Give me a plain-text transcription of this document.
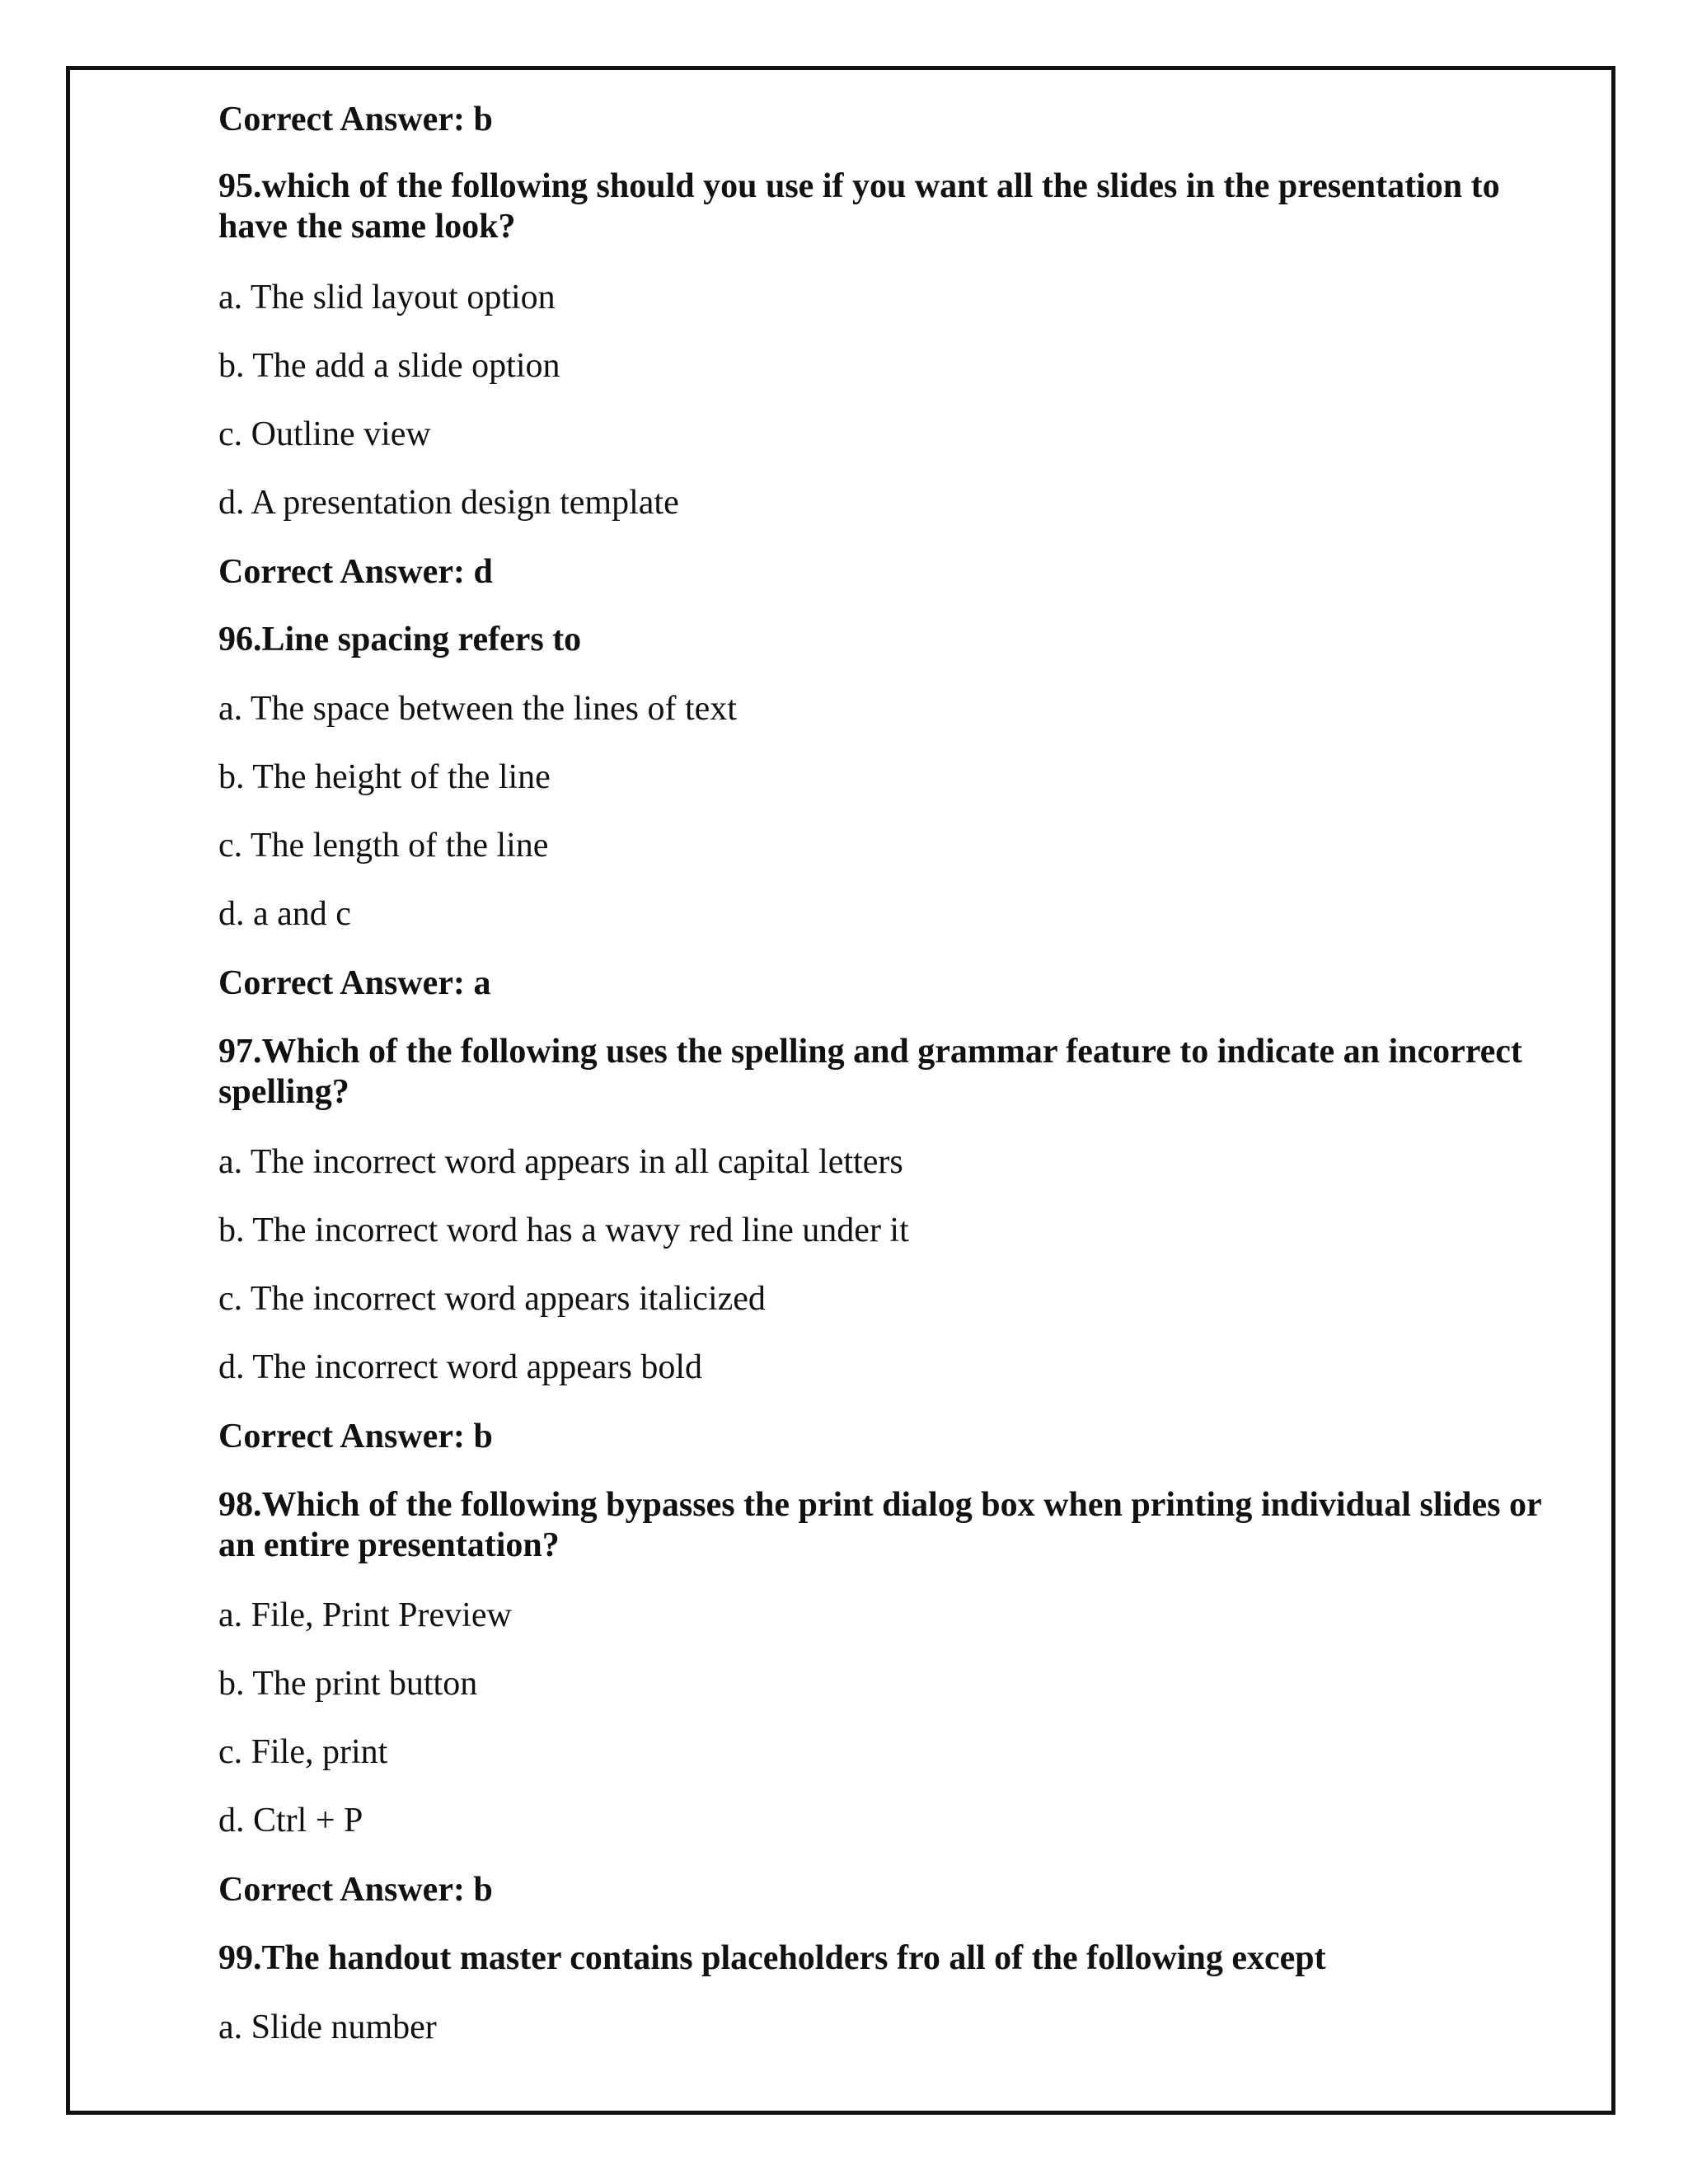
Correct Answer: b
95.which of the following should you use if you want all the slides in the presentation to have the same look?
a. The slid layout option
b. The add a slide option
c. Outline view
d. A presentation design template
Correct Answer: d
96.Line spacing refers to
a. The space between the lines of text
b. The height of the line
c. The length of the line
d. a and c
Correct Answer: a
97.Which of the following uses the spelling and grammar feature to indicate an incorrect spelling?
a. The incorrect word appears in all capital letters
b. The incorrect word has a wavy red line under it
c. The incorrect word appears italicized
d. The incorrect word appears bold
Correct Answer: b
98.Which of the following bypasses the print dialog box when printing individual slides or an entire presentation?
a. File, Print Preview
b. The print button
c. File, print
d. Ctrl + P
Correct Answer: b
99.The handout master contains placeholders fro all of the following except
a. Slide number
